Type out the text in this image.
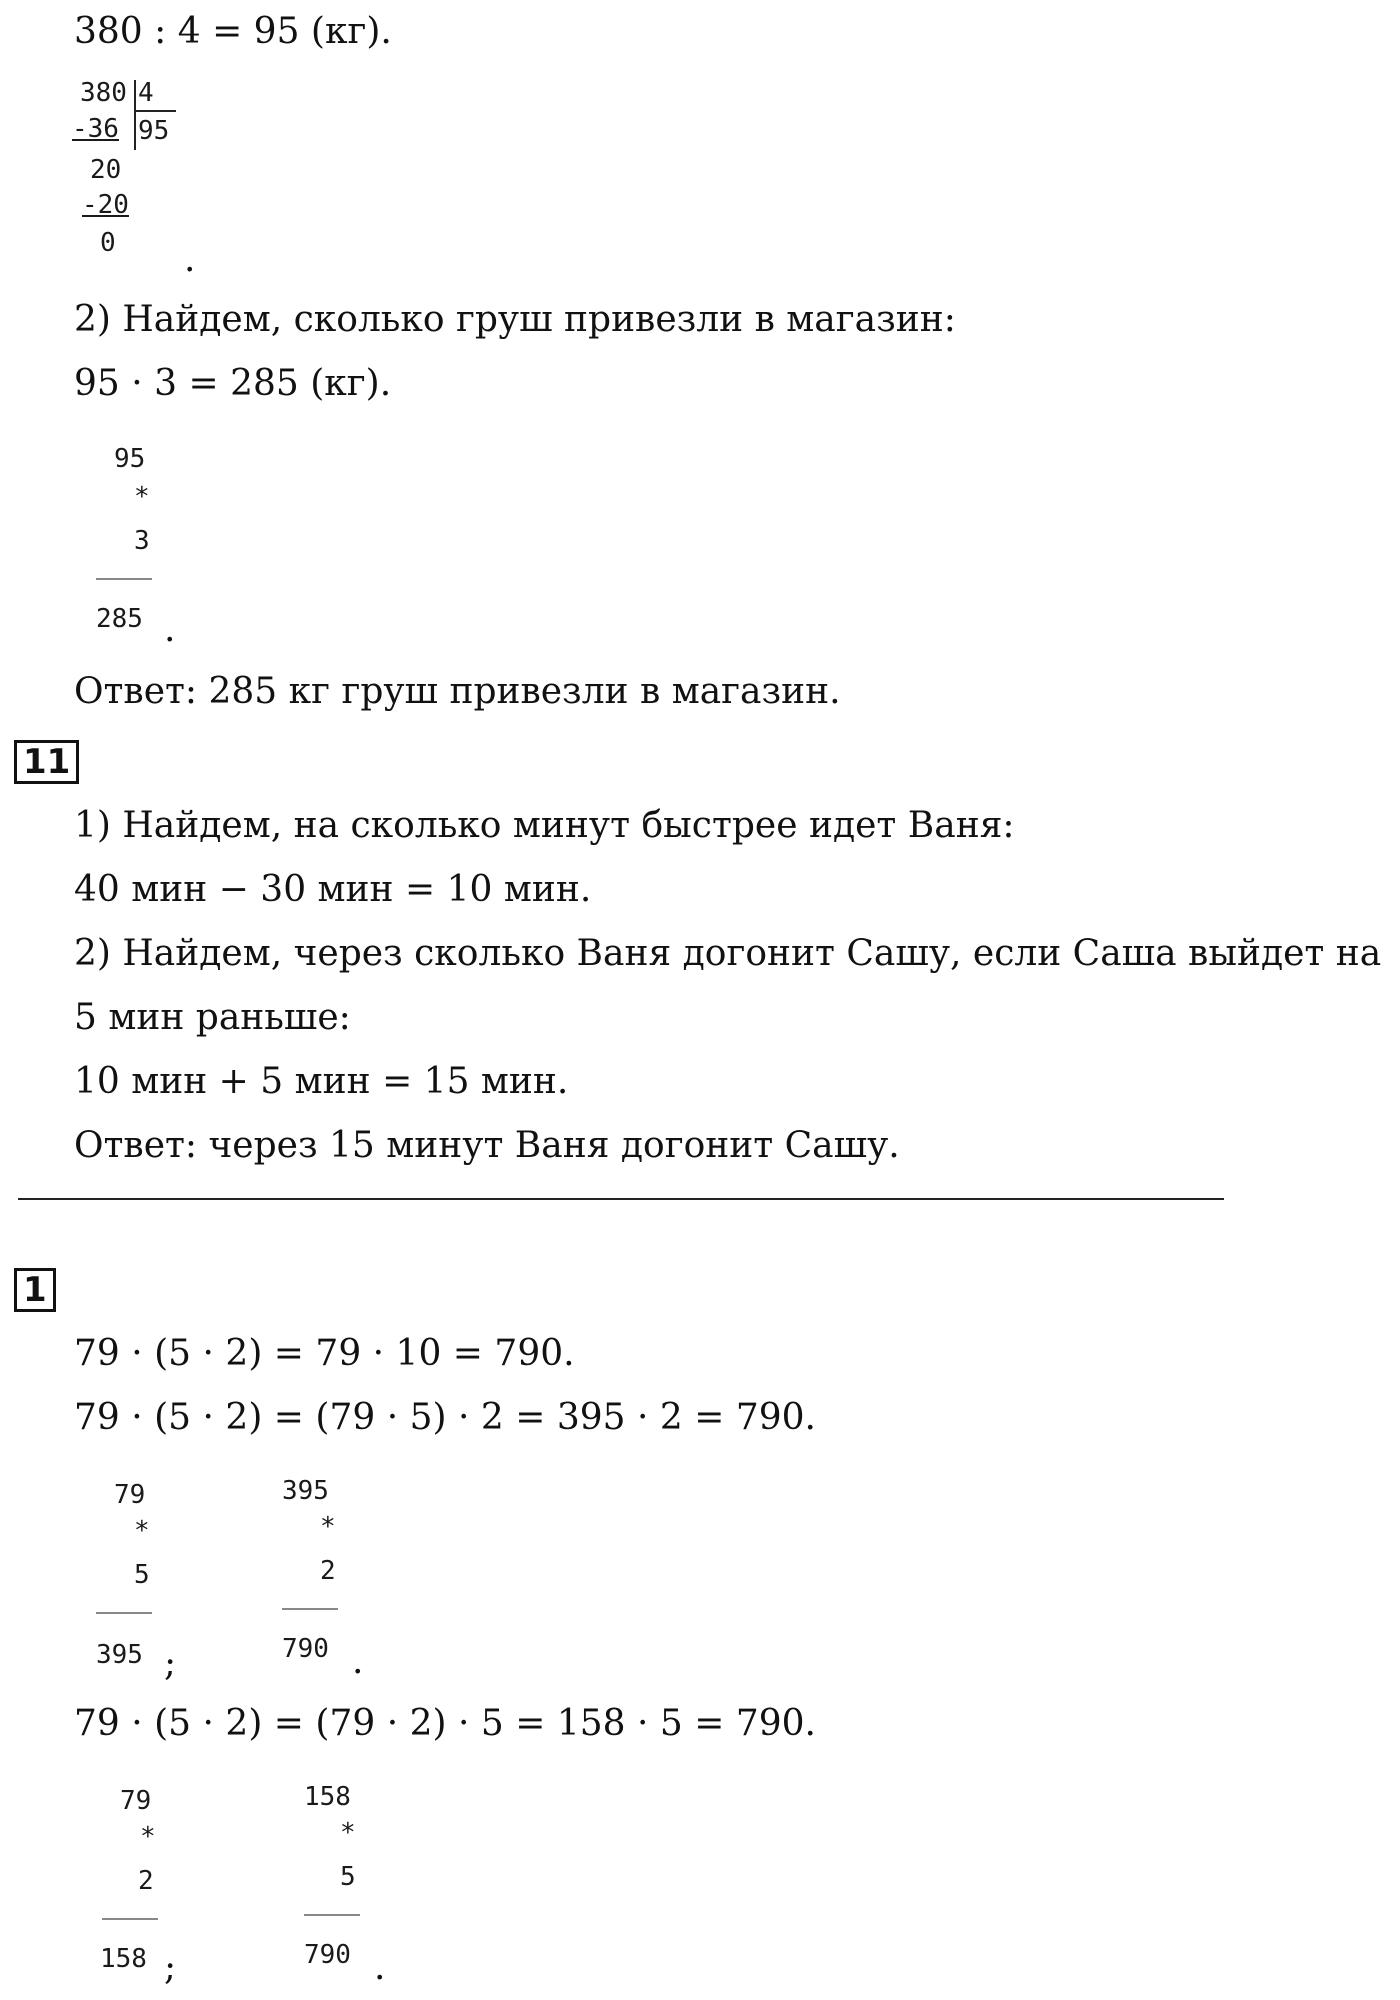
380 : 4 = 95 (кг).
380 4
-36 95
20
-20
0 .
2) Найдем, сколько груш привезли в магазин:
95 · 3 = 285 (кг).
95
*
3
285 .
Ответ: 285 кг груш привезли в магазин.
11
1) Найдем, на сколько минут быстрее идет Ваня:
40 мин − 30 мин = 10 мин.
2) Найдем, через сколько Ваня догонит Сашу, если Саша выйдет на
5 мин раньше:
10 мин + 5 мин = 15 мин.
Ответ: через 15 минут Ваня догонит Сашу.
1
79 · (5 · 2) = 79 · 10 = 790.
79 · (5 · 2) = (79 · 5) · 2 = 395 · 2 = 790.
79
*
5
395 ;
395
*
2
790 .
79 · (5 · 2) = (79 · 2) · 5 = 158 · 5 = 790.
79
*
2
158 ;
158
*
5
790 .
